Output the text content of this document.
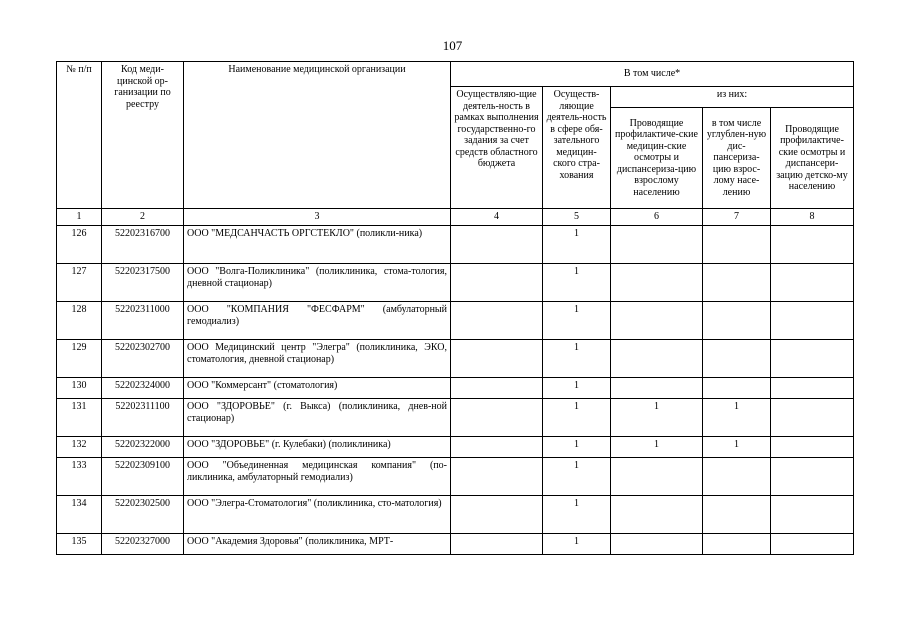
107
№ п/п	Код меди-цинской ор-ганизации по реестру	Наименование медицинской организации	В том числе*				
			Осуществляю-щие деятель-ность в рамках выполнения государственно-го задания за счет средств областного бюджета	Осуществ-ляющие деятель-ность в сфере обя-зательного медицин-ского стра-хования	из них:		
					Проводящие профилактиче-ские медицин-ские осмотры и диспансериза-цию взрослому населению	в том числе углублен-ную дис-пансериза-цию взрос-лому насе-лению	Проводящие профилактиче-ские осмотры и диспансери-зацию детско-му населению
1	2	3	4	5	6	7	8
126	52202316700	ООО "МЕДСАНЧАСТЬ ОРГСТЕКЛО" (поликли-ника)		1			
127	52202317500	ООО "Волга-Поликлиника" (поликлиника, стома-тология, дневной стационар)		1			
128	52202311000	ООО "КОМПАНИЯ "ФЕСФАРМ" (амбулаторный гемодиализ)		1			
129	52202302700	ООО Медицинский центр "Элегра" (поликлиника, ЭКО, стоматология, дневной стационар)		1			
130	52202324000	ООО "Коммерсант" (стоматология)		1			
131	52202311100	ООО "ЗДОРОВЬЕ" (г. Выкса) (поликлиника, днев-ной стационар)		1	1	1	
132	52202322000	ООО "ЗДОРОВЬЕ" (г. Кулебаки) (поликлиника)		1	1	1	
133	52202309100	ООО "Объединенная медицинская компания" (по-ликлиника, амбулаторный гемодиализ)		1			
134	52202302500	ООО "Элегра-Стоматология" (поликлиника, сто-матология)		1			
135	52202327000	ООО "Академия Здоровья" (поликлиника, МРТ-		1			
